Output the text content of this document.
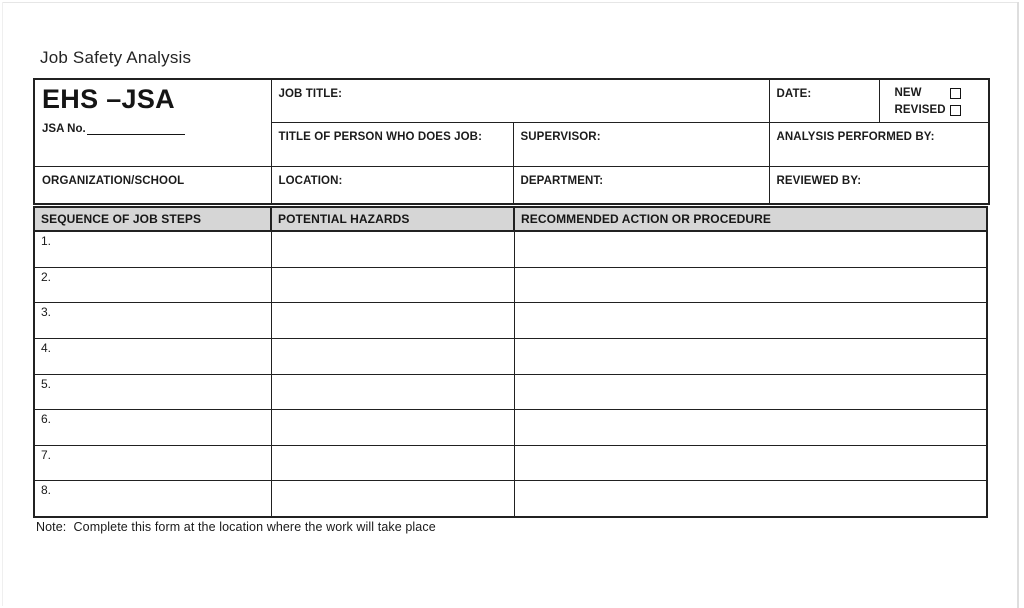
Job Safety Analysis
EHS –JSA
JSA No.
	JOB TITLE:	DATE:	NEW
REVISED

	TITLE OF PERSON WHO DOES JOB:	SUPERVISOR:	ANALYSIS PERFORMED BY:	
ORGANIZATION/SCHOOL	LOCATION:	DEPARTMENT:	REVIEWED BY:	
SEQUENCE OF JOB STEPS	POTENTIAL HAZARDS	RECOMMENDED ACTION OR PROCEDURE
1.
2.
3.
4.
5.
6.
7.
8.
Note:  Complete this form at the location where the work will take place
